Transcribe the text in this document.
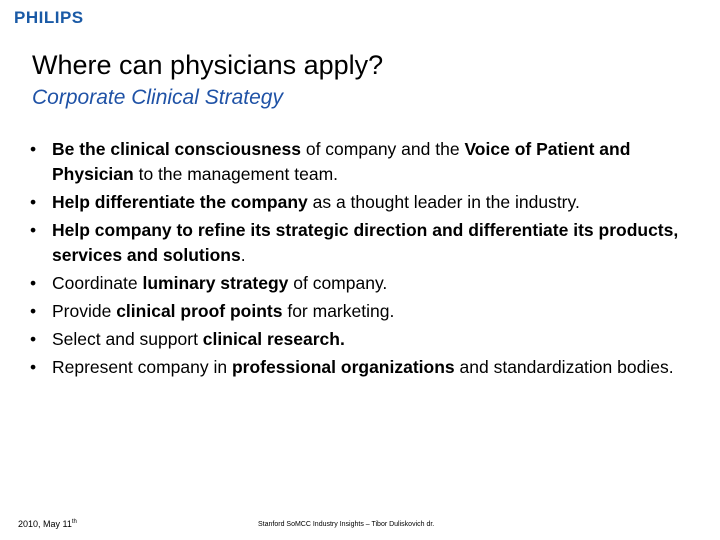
PHILIPS
Where can physicians apply?
Corporate Clinical Strategy
• Be the clinical consciousness of company and the Voice of Patient and Physician to the management team.
• Help differentiate the company as a thought leader in the industry.
• Help company to refine its strategic direction and differentiate its products, services and solutions.
• Coordinate luminary strategy of company.
• Provide clinical proof points for marketing.
• Select and support clinical research.
• Represent company in professional organizations and standardization bodies.
2010, May 11th	Stanford SoMCC Industry Insights – Tibor Duliskovich dr.
